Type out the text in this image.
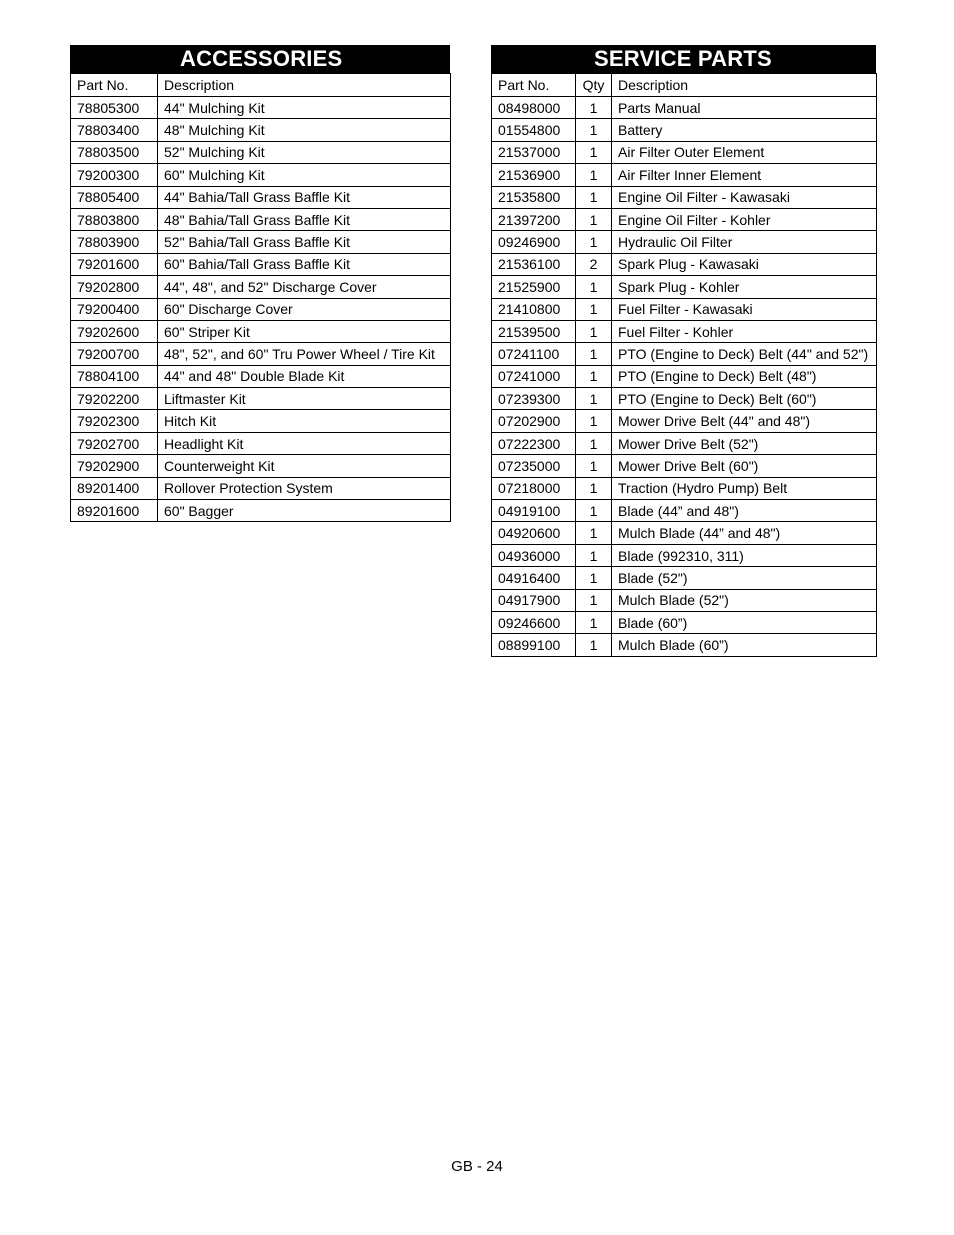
ACCESSORIES
Part No.	Description
78805300	44" Mulching Kit
78803400	48" Mulching Kit
78803500	52" Mulching Kit
79200300	60" Mulching Kit
78805400	44" Bahia/Tall Grass Baffle Kit
78803800	48" Bahia/Tall Grass Baffle Kit
78803900	52" Bahia/Tall Grass Baffle Kit
79201600	60" Bahia/Tall Grass Baffle Kit
79202800	44", 48", and 52" Discharge Cover
79200400	60" Discharge Cover
79202600	60" Striper Kit
79200700	48", 52", and 60" Tru Power Wheel / Tire Kit
78804100	44" and 48" Double Blade Kit
79202200	Liftmaster Kit
79202300	Hitch Kit
79202700	Headlight Kit
79202900	Counterweight Kit
89201400	Rollover Protection System
89201600	60" Bagger
SERVICE PARTS
Part No.	Qty	Description
08498000	1	Parts Manual
01554800	1	Battery
21537000	1	Air Filter Outer Element
21536900	1	Air Filter Inner Element
21535800	1	Engine Oil Filter - Kawasaki
21397200	1	Engine Oil Filter - Kohler
09246900	1	Hydraulic Oil Filter
21536100	2	Spark Plug - Kawasaki
21525900	1	Spark Plug - Kohler
21410800	1	Fuel Filter - Kawasaki
21539500	1	Fuel Filter - Kohler
07241100	1	PTO (Engine to Deck) Belt (44" and 52")
07241000	1	PTO (Engine to Deck) Belt (48")
07239300	1	PTO (Engine to Deck) Belt (60")
07202900	1	Mower Drive Belt (44" and 48")
07222300	1	Mower Drive Belt (52")
07235000	1	Mower Drive Belt (60")
07218000	1	Traction (Hydro Pump) Belt
04919100	1	Blade (44” and 48")
04920600	1	Mulch Blade (44” and 48")
04936000	1	Blade (992310, 311)
04916400	1	Blade (52")
04917900	1	Mulch Blade (52")
09246600	1	Blade (60”)
08899100	1	Mulch Blade (60”)
GB - 24
